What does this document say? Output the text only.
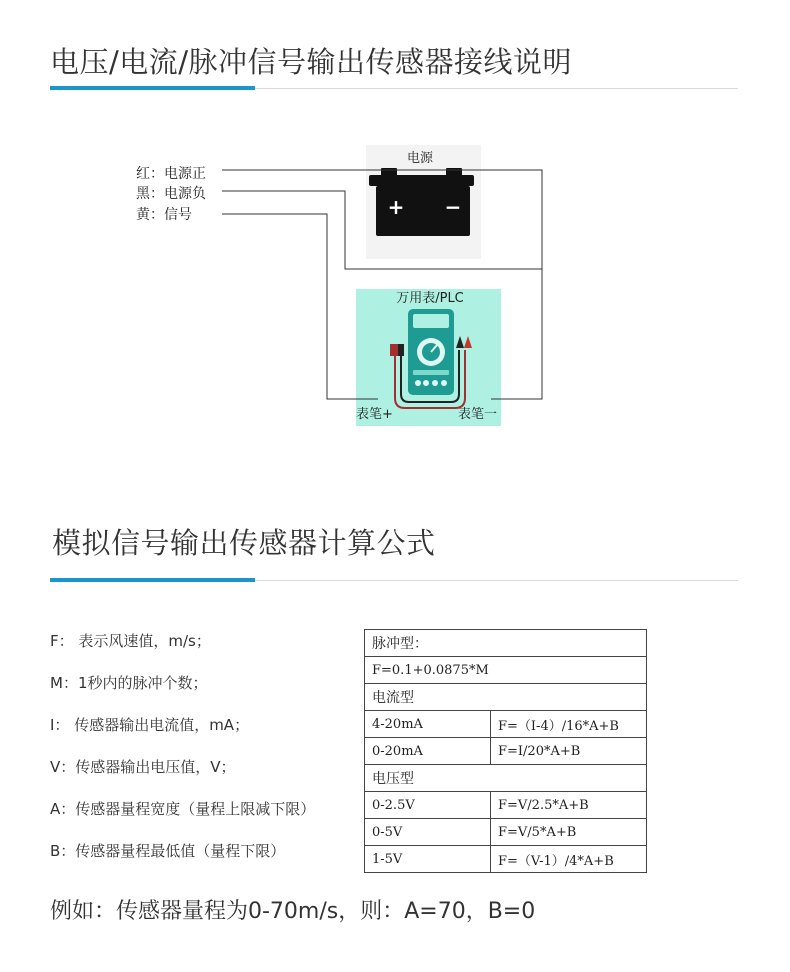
电压/电流/脉冲信号输出传感器接线说明
红：电源正
黑：电源负
黄：信号
电源
+ −
万用表/PLC
表笔+	表笔一
模拟信号输出传感器计算公式
F： 表示风速值，m/s；
M：1秒内的脉冲个数；
I： 传感器输出电流值，mA；
V：传感器输出电压值，V；
A：传感器量程宽度（量程上限减下限）
B：传感器量程最低值（量程下限）
脉冲型：	
F=0.1+0.0875*M	
电流型	
4-20mA	F=（I-4）/16*A+B
0-20mA	F=I/20*A+B
电压型	
0-2.5V	F=V/2.5*A+B
0-5V	F=V/5*A+B
1-5V	F=（V-1）/4*A+B
例如：传感器量程为0-70m/s，则：A=70，B=0
